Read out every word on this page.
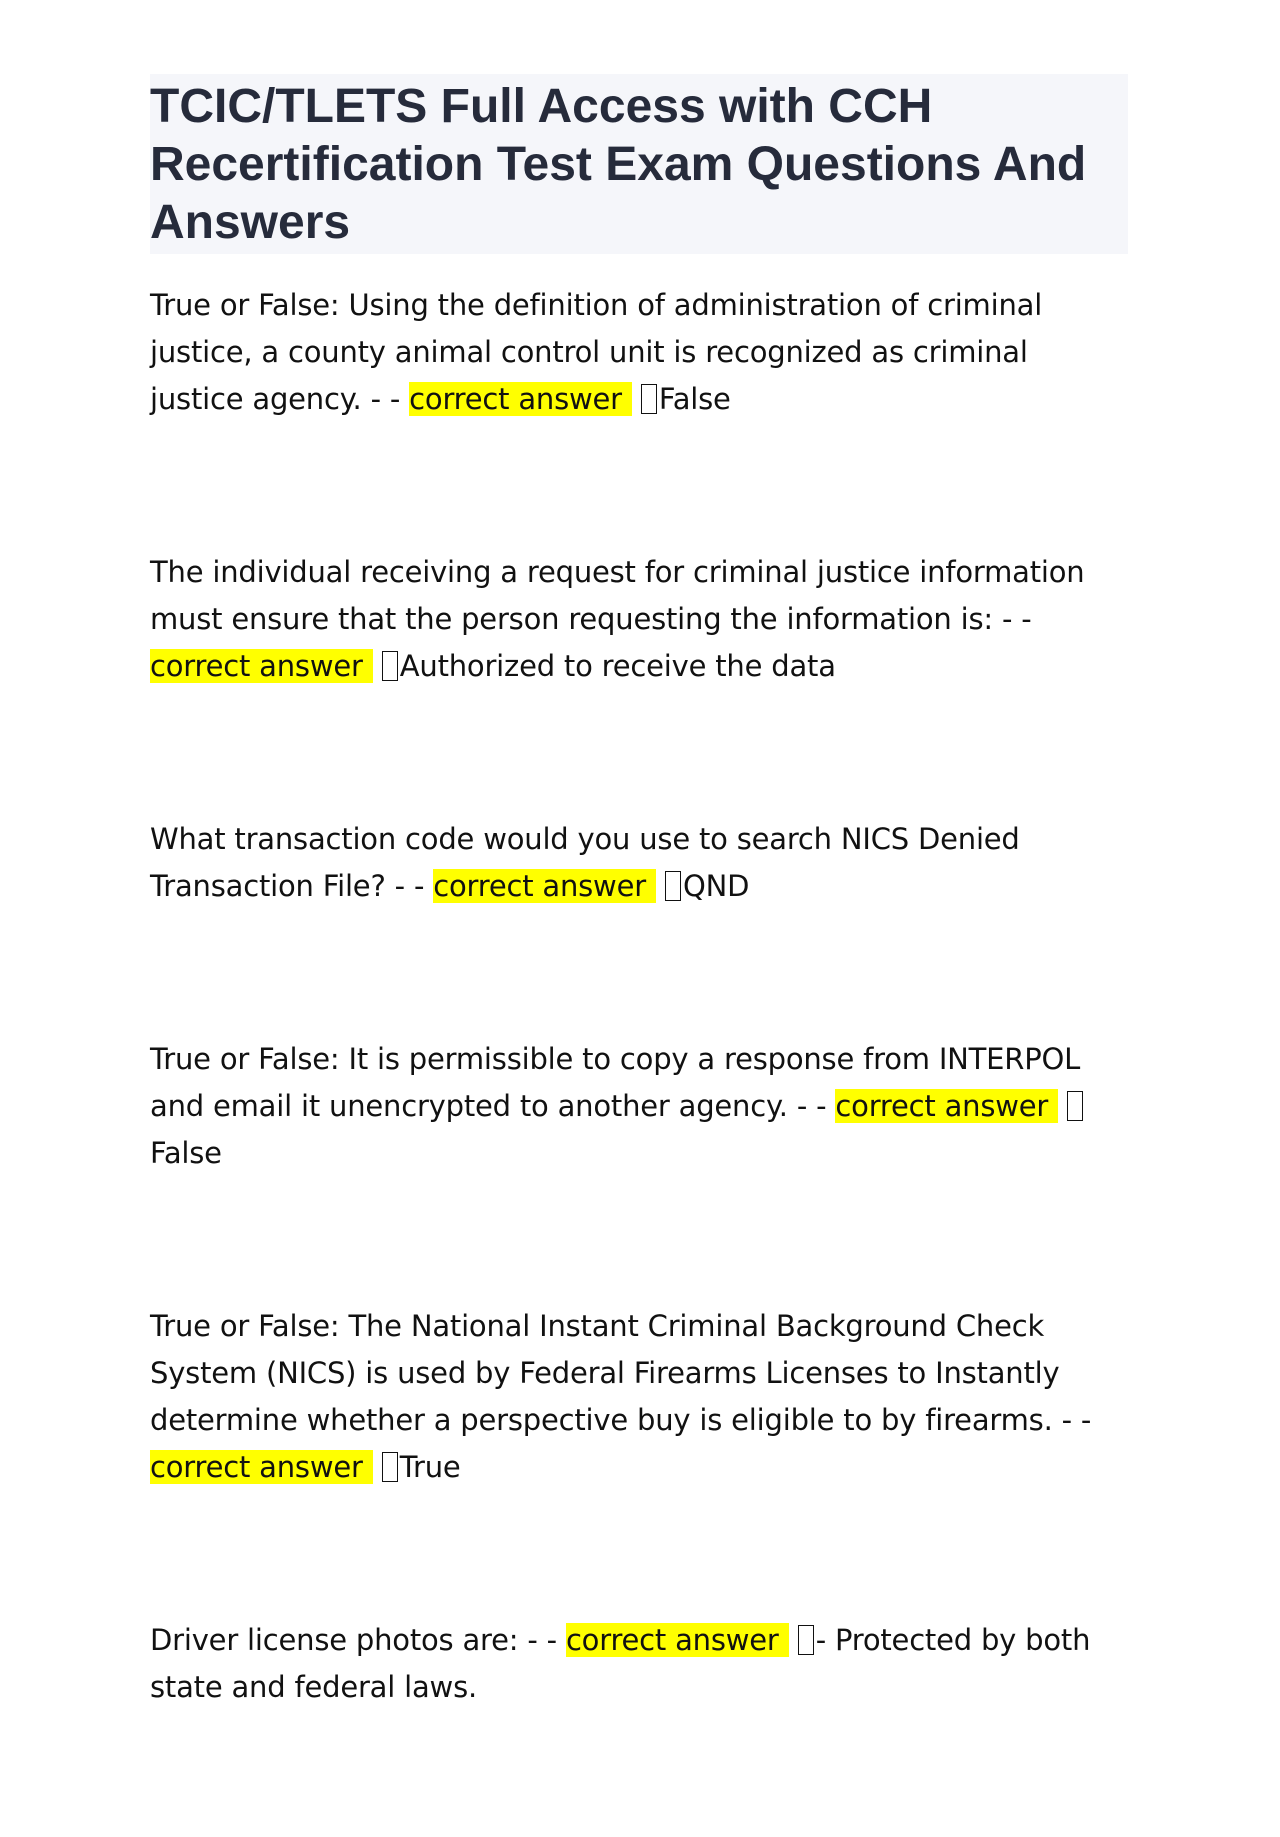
TCIC/TLETS Full Access with CCH Recertification Test Exam Questions And Answers

True or False: Using the definition of administration of criminal justice, a county animal control unit is recognized as criminal justice agency. - - correct answer False

The individual receiving a request for criminal justice information must ensure that the person requesting the information is: - - correct answer Authorized to receive the data

What transaction code would you use to search NICS Denied Transaction File? - - correct answer QND

True or False: It is permissible to copy a response from INTERPOL and email it unencrypted to another agency. - - correct answer False

True or False: The National Instant Criminal Background Check System (NICS) is used by Federal Firearms Licenses to Instantly determine whether a perspective buy is eligible to by firearms. - - correct answer True

Driver license photos are: - - correct answer - Protected by both state and federal laws.
